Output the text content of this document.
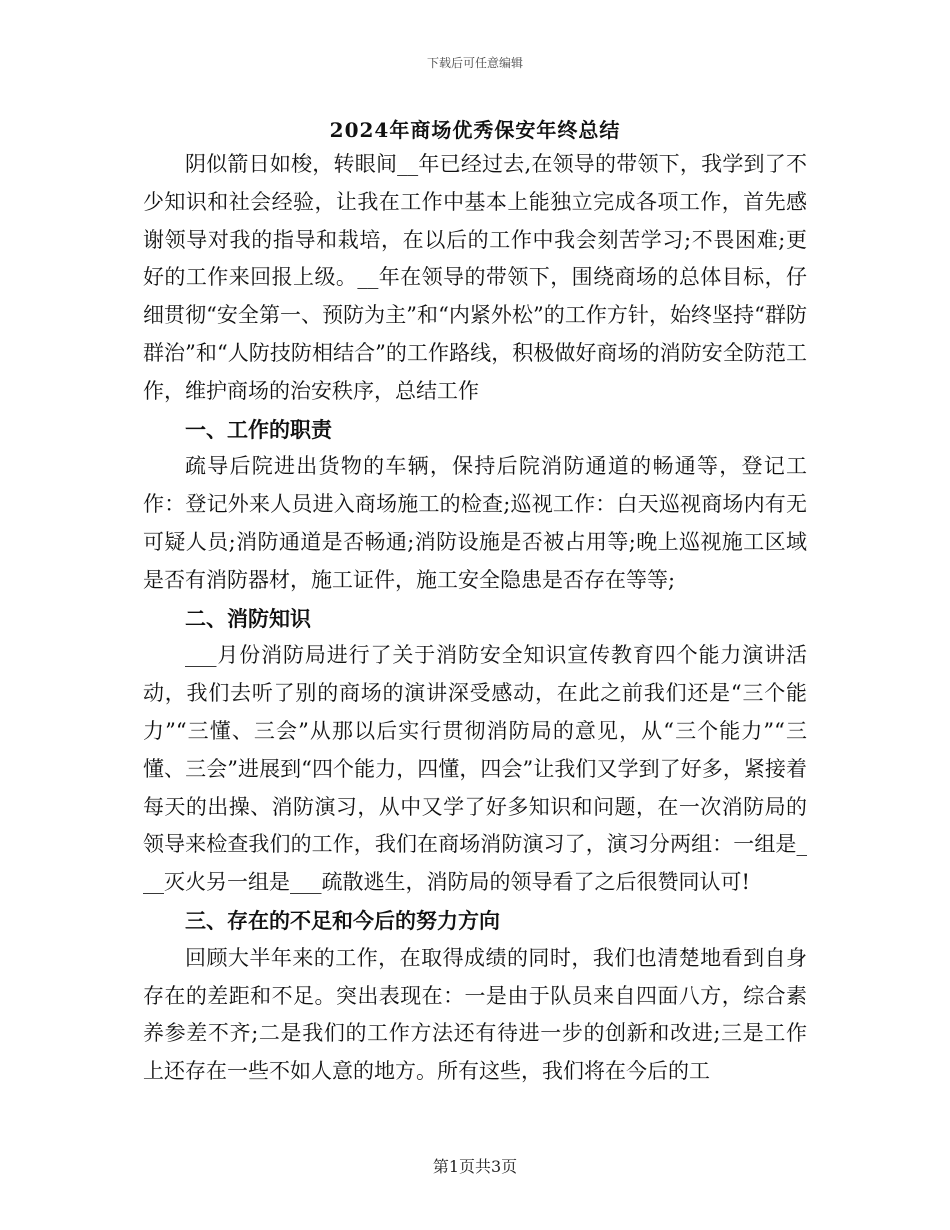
下载后可任意编辑
2024年商场优秀保安年终总结

阴似箭日如梭，转眼间__年已经过去,在领导的带领下，我学到了不少知识和社会经验，让我在工作中基本上能独立完成各项工作，首先感谢领导对我的指导和栽培，在以后的工作中我会刻苦学习;不畏困难;更好的工作来回报上级。__年在领导的带领下，围绕商场的总体目标，仔细贯彻“安全第一、预防为主”和“内紧外松”的工作方针，始终坚持“群防群治”和“人防技防相结合”的工作路线，积极做好商场的消防安全防范工作，维护商场的治安秩序，总结工作

一、工作的职责

疏导后院进出货物的车辆，保持后院消防通道的畅通等，登记工作：登记外来人员进入商场施工的检查;巡视工作：白天巡视商场内有无可疑人员;消防通道是否畅通;消防设施是否被占用等;晚上巡视施工区域是否有消防器材，施工证件，施工安全隐患是否存在等等;

二、消防知识

___月份消防局进行了关于消防安全知识宣传教育四个能力演讲活动，我们去听了别的商场的演讲深受感动，在此之前我们还是“三个能力”“三懂、三会”从那以后实行贯彻消防局的意见，从“三个能力”“三懂、三会”进展到“四个能力，四懂，四会”让我们又学到了好多，紧接着每天的出操、消防演习，从中又学了好多知识和问题，在一次消防局的领导来检查我们的工作，我们在商场消防演习了，演习分两组：一组是___灭火另一组是___疏散逃生，消防局的领导看了之后很赞同认可!

三、存在的不足和今后的努力方向

回顾大半年来的工作，在取得成绩的同时，我们也清楚地看到自身存在的差距和不足。突出表现在：一是由于队员来自四面八方，综合素养参差不齐;二是我们的工作方法还有待进一步的创新和改进;三是工作上还存在一些不如人意的地方。所有这些，我们将在今后的工

第1页共3页
